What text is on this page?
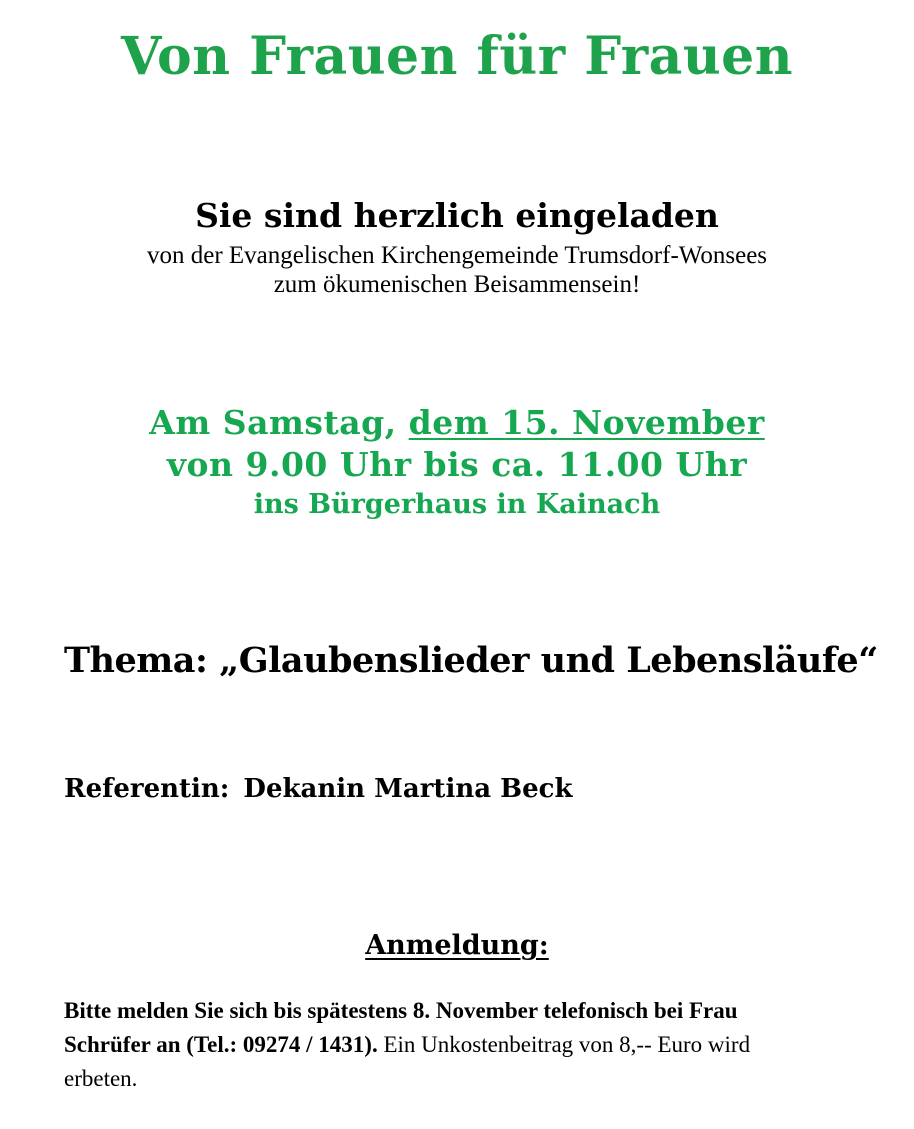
Von Frauen für Frauen
Sie sind herzlich eingeladen
von der Evangelischen Kirchengemeinde Trumsdorf-Wonsees
zum ökumenischen Beisammensein!
Am Samstag, dem 15. November
von 9.00 Uhr bis ca. 11.00 Uhr
ins Bürgerhaus in Kainach
Thema: „Glaubenslieder und Lebensläufe“
Referentin: Dekanin Martina Beck
Anmeldung:
Bitte melden Sie sich bis spätestens 8. November telefonisch bei Frau
Schrüfer an (Tel.: 09274 / 1431). Ein Unkostenbeitrag von 8,-- Euro wird
erbeten.
